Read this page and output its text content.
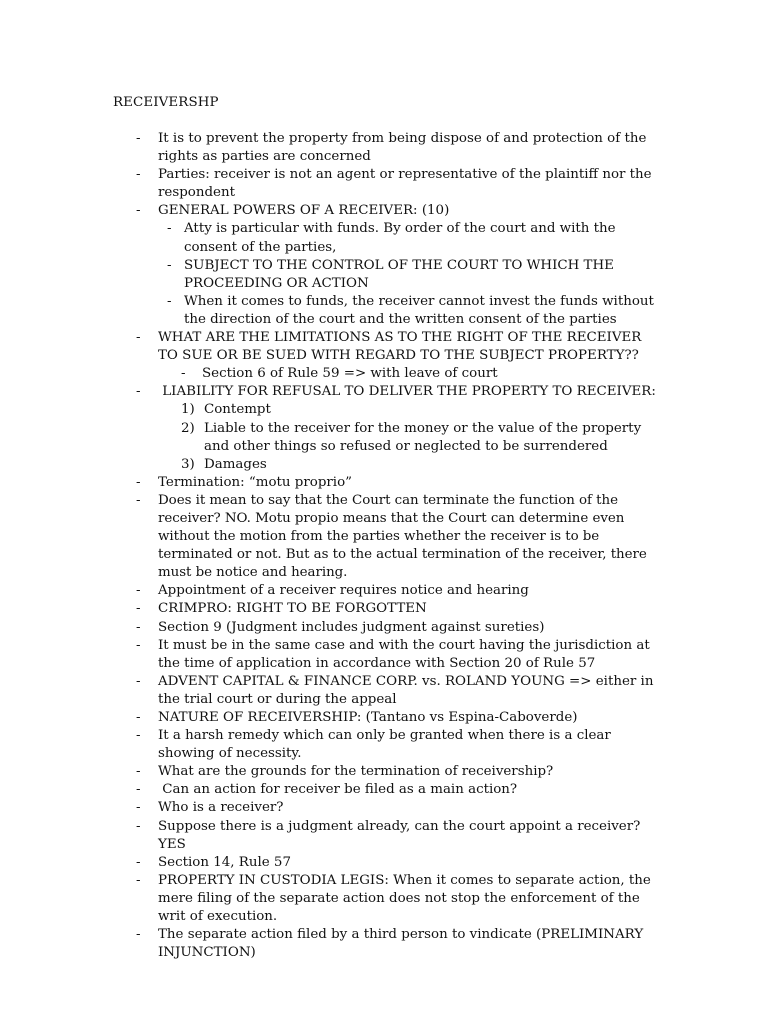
RECEIVERSHP
- It is to prevent the property from being dispose of and protection of the rights as parties are concerned
- Parties: receiver is not an agent or representative of the plaintiff nor the respondent
- GENERAL POWERS OF A RECEIVER: (10)
- Atty is particular with funds. By order of the court and with the consent of the parties,
- SUBJECT TO THE CONTROL OF THE COURT TO WHICH THE PROCEEDING OR ACTION
- When it comes to funds, the receiver cannot invest the funds without the direction of the court and the written consent of the parties
- WHAT ARE THE LIMITATIONS AS TO THE RIGHT OF THE RECEIVER TO SUE OR BE SUED WITH REGARD TO THE SUBJECT PROPERTY??
- Section 6 of Rule 59 => with leave of court
- LIABILITY FOR REFUSAL TO DELIVER THE PROPERTY TO RECEIVER:
1) Contempt
2) Liable to the receiver for the money or the value of the property and other things so refused or neglected to be surrendered
3) Damages
- Termination: “motu proprio”
- Does it mean to say that the Court can terminate the function of the receiver? NO. Motu propio means that the Court can determine even without the motion from the parties whether the receiver is to be terminated or not. But as to the actual termination of the receiver, there must be notice and hearing.
- Appointment of a receiver requires notice and hearing
- CRIMPRO: RIGHT TO BE FORGOTTEN
- Section 9 (Judgment includes judgment against sureties)
- It must be in the same case and with the court having the jurisdiction at the time of application in accordance with Section 20 of Rule 57
- ADVENT CAPITAL & FINANCE CORP. vs. ROLAND YOUNG => either in the trial court or during the appeal
- NATURE OF RECEIVERSHIP: (Tantano vs Espina-Caboverde)
- It a harsh remedy which can only be granted when there is a clear showing of necessity.
- What are the grounds for the termination of receivership?
- Can an action for receiver be filed as a main action?
- Who is a receiver?
- Suppose there is a judgment already, can the court appoint a receiver? YES
- Section 14, Rule 57
- PROPERTY IN CUSTODIA LEGIS: When it comes to separate action, the mere filing of the separate action does not stop the enforcement of the writ of execution.
- The separate action filed by a third person to vindicate (PRELIMINARY INJUNCTION)
